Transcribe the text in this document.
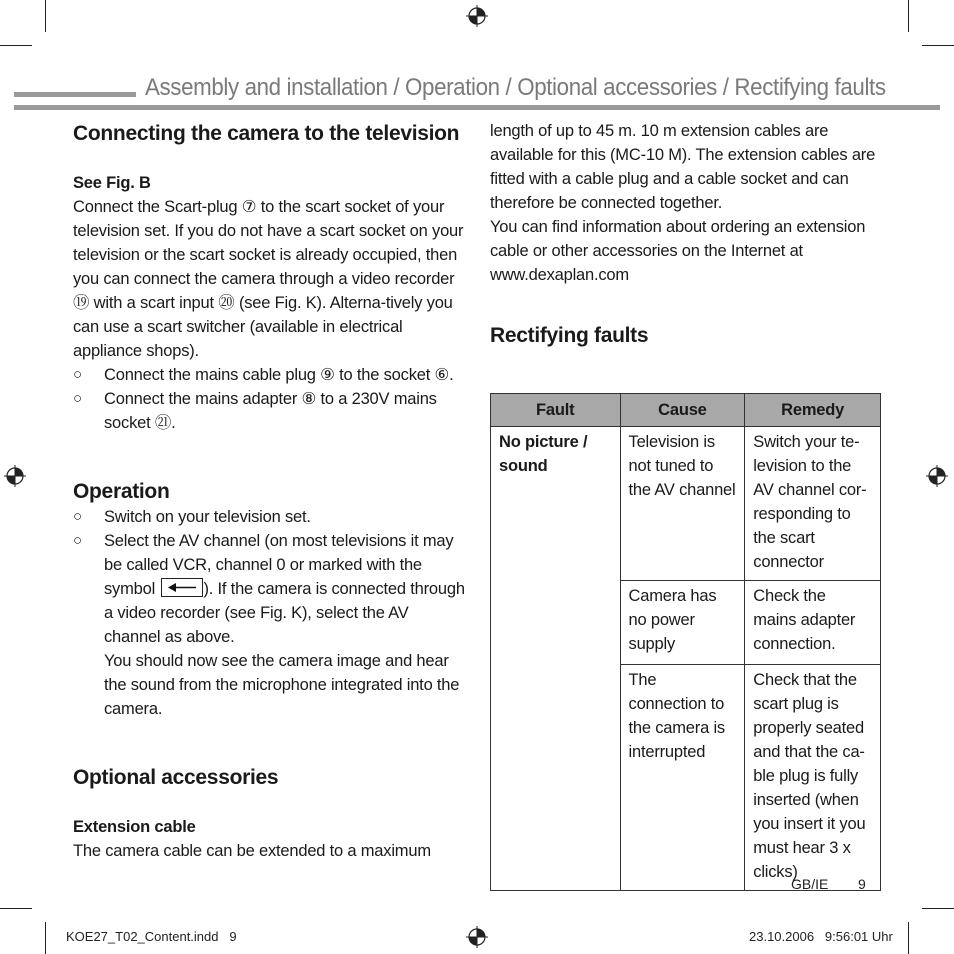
Assembly and installation / Operation / Optional accessories / Rectifying faults
Connecting the camera to the television
See Fig. B

Connect the Scart-plug ⑦ to the scart socket of your television set. If you do not have a scart socket on your television or the scart socket is already occupied, then you can connect the camera through a video recorder ⑲ with a scart input ⑳ (see Fig. K). Alterna-tively you can use a scart switcher (available in electrical appliance shops).

○ Connect the mains cable plug ⑨ to the socket ⑥.
○ Connect the mains adapter ⑧ to a 230V mains socket ㉑.
Operation
○ Switch on your television set.
○ Select the AV channel (on most televisions it may be called VCR, channel 0 or marked with the symbol	). If the camera is connected through a video recorder (see Fig. K), select the AV channel as above.
You should now see the camera image and hear the sound from the microphone integrated into the camera.
Optional accessories
Extension cable

The camera cable can be extended to a maximum

length of up to 45 m. 10 m extension cables are available for this (MC-10 M). The extension cables are fitted with a cable plug and a cable socket and can therefore be connected together.

You can find information about ordering an extension cable or other accessories on the Internet at www.dexaplan.com

Rectifying faults
Fault	Cause	Remedy
No picture / sound	Television is not tuned to the AV channel	Switch your te-levision to the AV channel cor-responding to the scart connector
	Camera has no power supply	Check the mains adapter connection.
	The connection to the camera is interrupted	Check that the scart plug is properly seated and that the ca-ble plug is fully inserted (when you insert it you must hear 3 x clicks)
GB/IE 9
KOE27_T02_Content.indd   9	23.10.2006   9:56:01 Uhr
